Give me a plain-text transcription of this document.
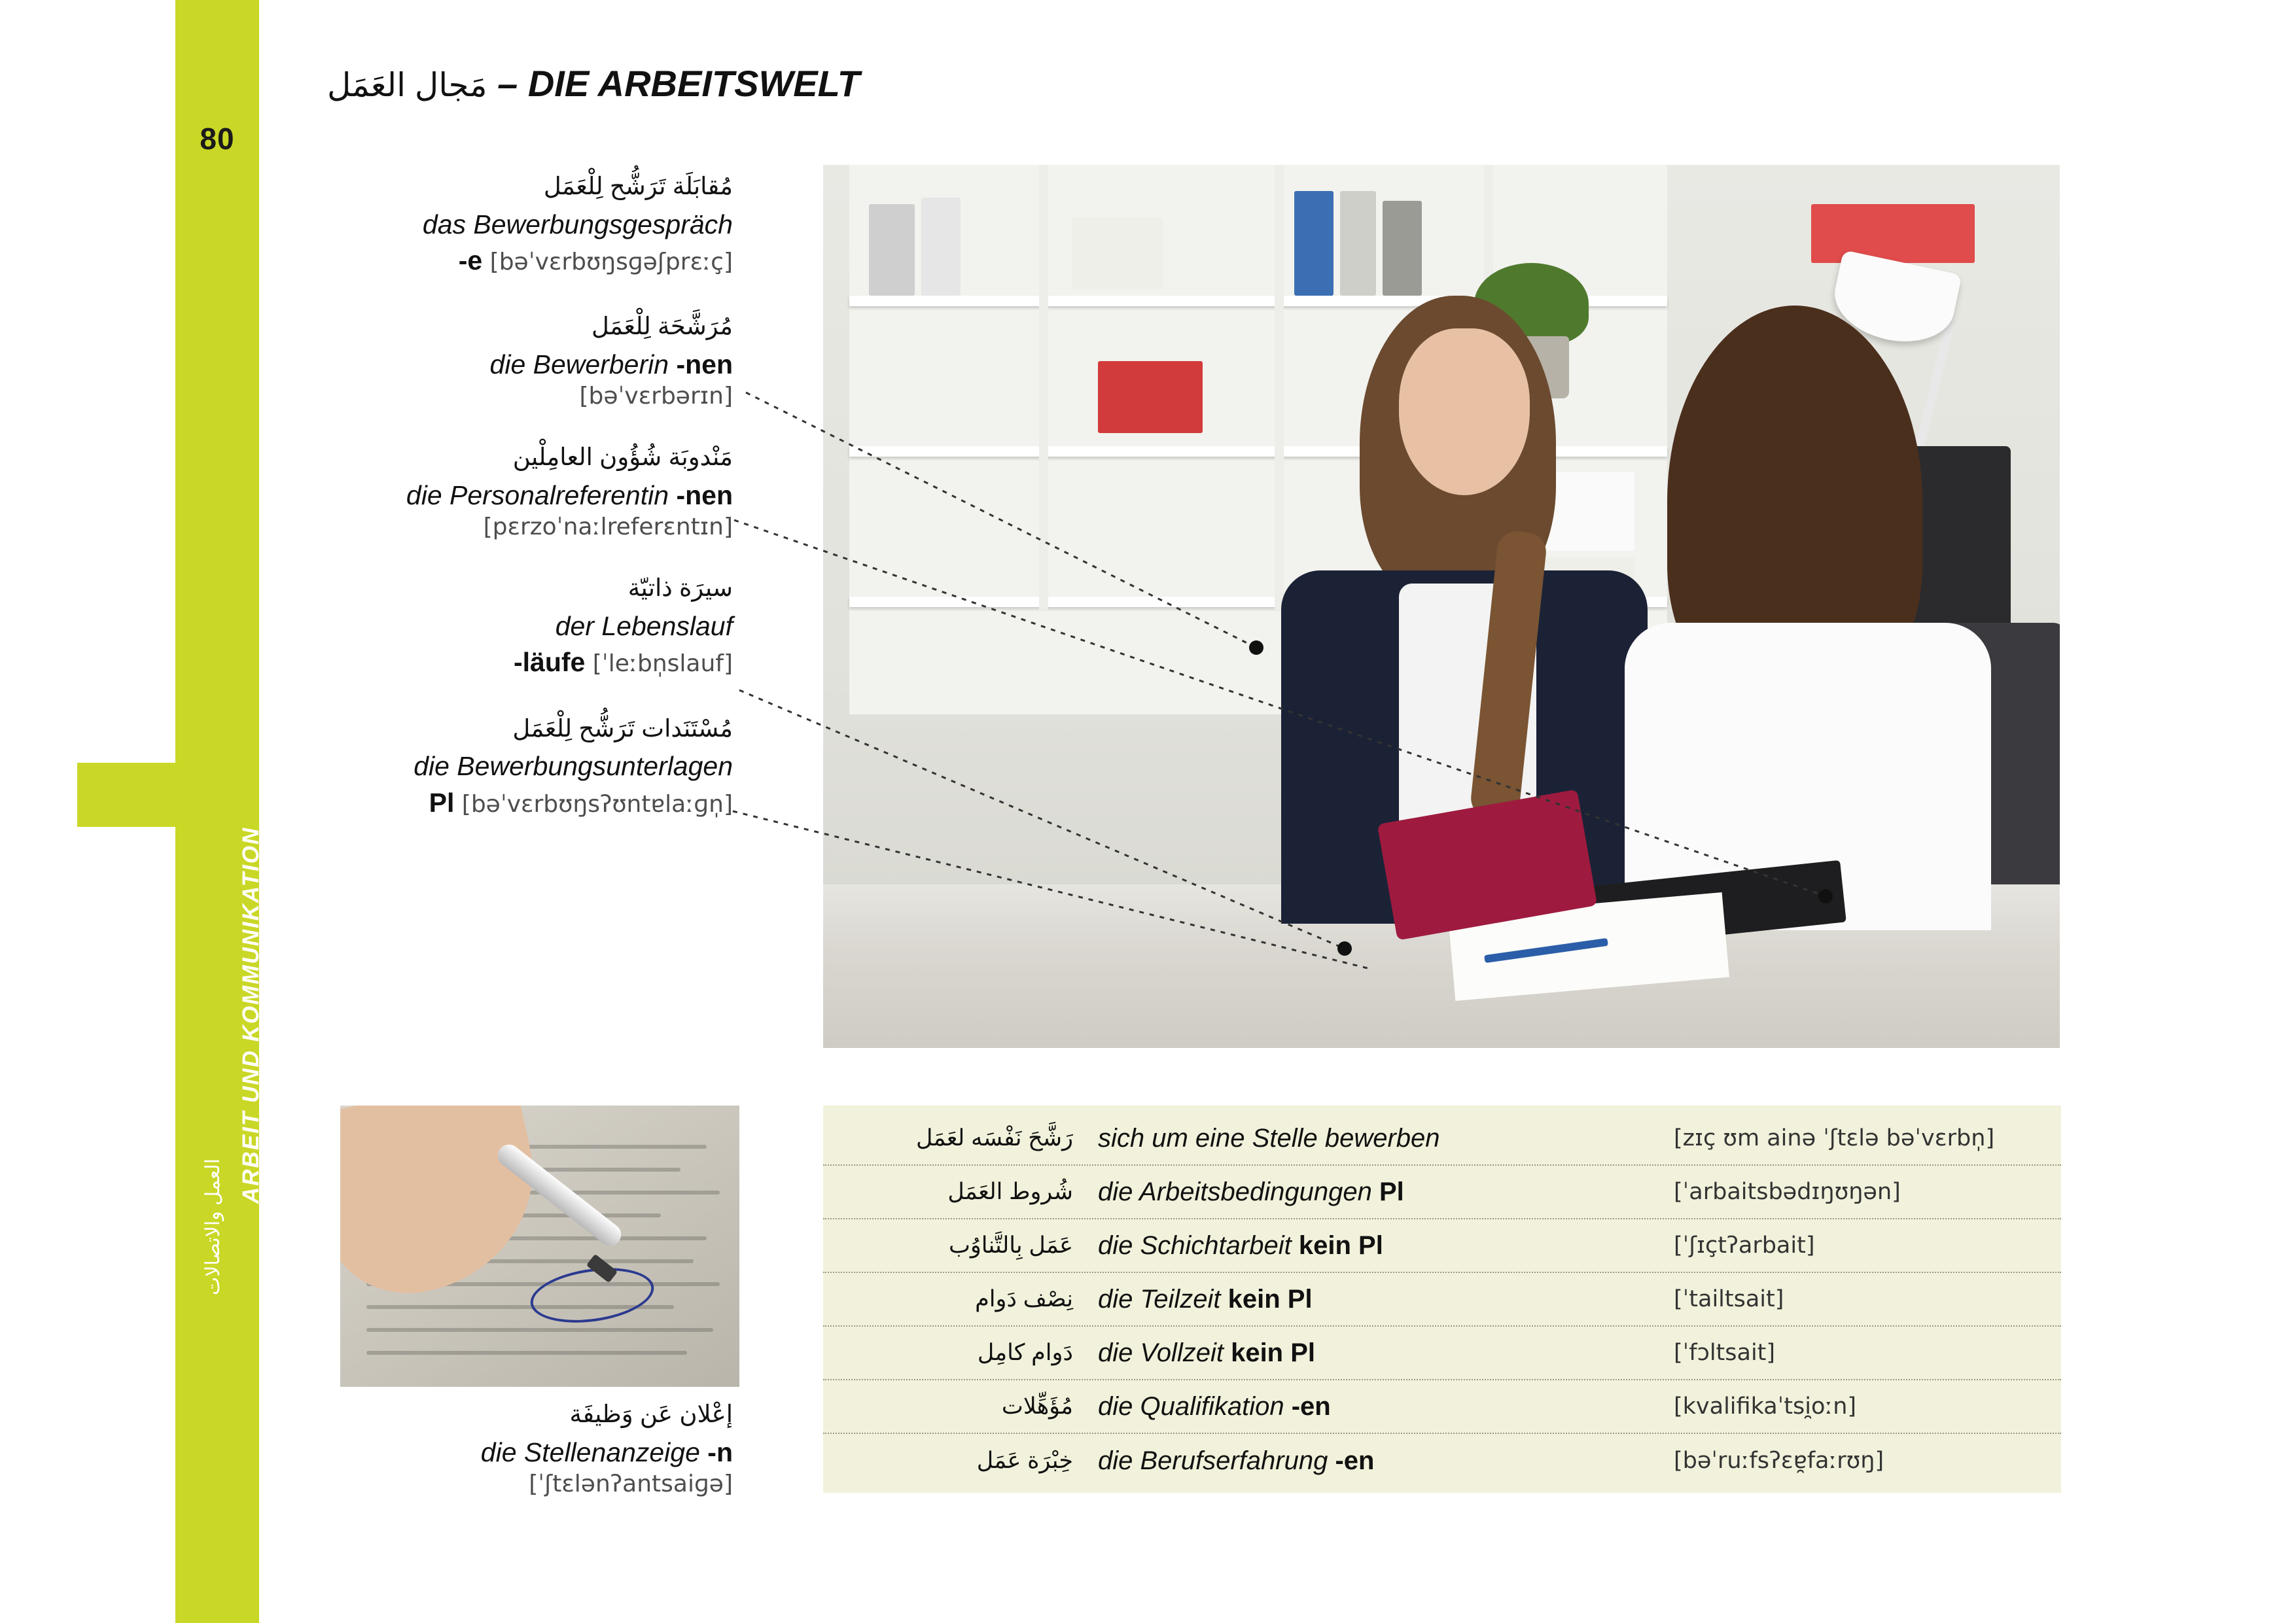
80
ARBEIT UND KOMMUNIKATION
العمل والاتصالات
مَجال العَمَل – DIE ARBEITSWELT
مُقابَلَة تَرَشُّح لِلْعَمَل
das Bewerbungsgespräch
-e [bəˈvɛrbʊŋsɡəʃprɛːç]
مُرَشَّحَة لِلْعَمَل
die Bewerberin -nen
[bəˈvɛrbərɪn]
مَنْدوبَة شُؤُون العامِلْين
die Personalreferentin -nen
[pɛrzoˈnaːlreferɛntɪn]
سيرَة ذاتيّة
der Lebenslauf
-läufe [ˈleːbn̩slauf]
مُسْتَنَدات تَرَشُّح لِلْعَمَل
die Bewerbungsunterlagen
Pl [bəˈvɛrbʊŋsʔʊntɐlaːɡn̩]
إعْلان عَن وَظيفَة
die Stellenanzeige -n
[ˈʃtɛlənʔantsaiɡə]
رَشَّحَ نَفْسَه لعَمَل sich um eine Stelle bewerben	[zɪç ʊm ainə ˈʃtɛlə bəˈvɛrbn̩]
شُروط العَمَل die Arbeitsbedingungen Pl	[ˈarbaitsbədɪŋʊŋən]
عَمَل بِالتَّناوُب die Schichtarbeit kein Pl	[ˈʃɪçtʔarbait]
نِصْف دَوام die Teilzeit kein Pl	[ˈtailtsait]
دَوام كامِل die Vollzeit kein Pl	[ˈfɔltsait]
مُؤَهِّلات die Qualifikation -en	[kvalifikaˈtsi̯oːn]
خِبْرَة عَمَل die Berufserfahrung -en	[bəˈruːfsʔɛɐ̯faːrʊŋ]
